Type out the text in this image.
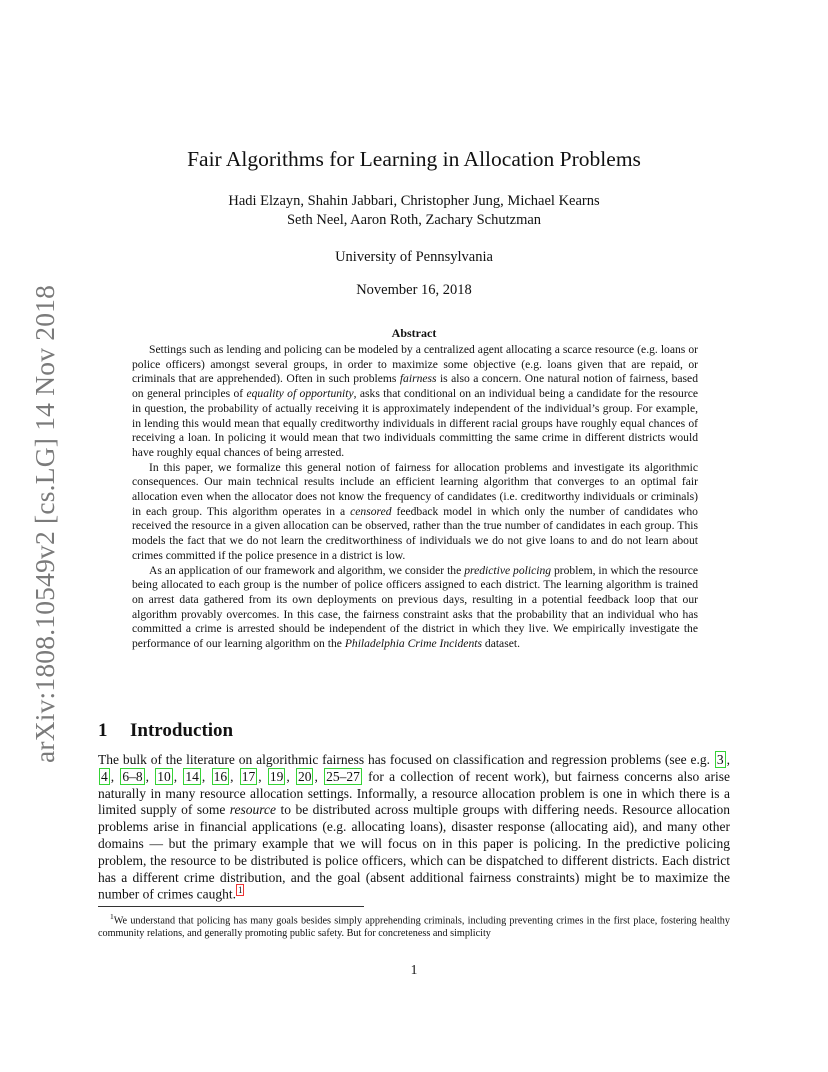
arXiv:1808.10549v2 [cs.LG] 14 Nov 2018
Fair Algorithms for Learning in Allocation Problems
Hadi Elzayn, Shahin Jabbari, Christopher Jung, Michael Kearns
Seth Neel, Aaron Roth, Zachary Schutzman
University of Pennsylvania
November 16, 2018
Abstract

Settings such as lending and policing can be modeled by a centralized agent allocating a scarce resource (e.g. loans or police officers) amongst several groups, in order to maximize some objective (e.g. loans given that are repaid, or criminals that are apprehended). Often in such problems fairness is also a concern. One natural notion of fairness, based on general principles of equality of opportunity, asks that conditional on an individual being a candidate for the resource in question, the probability of actually receiving it is approximately independent of the individual’s group. For example, in lending this would mean that equally creditworthy individuals in different racial groups have roughly equal chances of receiving a loan. In policing it would mean that two individuals committing the same crime in different districts would have roughly equal chances of being arrested.

In this paper, we formalize this general notion of fairness for allocation problems and investigate its algorithmic consequences. Our main technical results include an efficient learning algorithm that converges to an optimal fair allocation even when the allocator does not know the frequency of candidates (i.e. creditworthy individuals or criminals) in each group. This algorithm operates in a censored feedback model in which only the number of candidates who received the resource in a given allocation can be observed, rather than the true number of candidates in each group. This models the fact that we do not learn the creditworthiness of individuals we do not give loans to and do not learn about crimes committed if the police presence in a district is low.

As an application of our framework and algorithm, we consider the predictive policing problem, in which the resource being allocated to each group is the number of police officers assigned to each district. The learning algorithm is trained on arrest data gathered from its own deployments on previous days, resulting in a potential feedback loop that our algorithm provably overcomes. In this case, the fairness constraint asks that the probability that an individual who has committed a crime is arrested should be independent of the district in which they live. We empirically investigate the performance of our learning algorithm on the Philadelphia Crime Incidents dataset.

1 Introduction

The bulk of the literature on algorithmic fairness has focused on classification and regression problems (see e.g. 3 , 4 , 6–8 , 10 , 14 , 16 , 17 , 19 , 20 , 25–27 for a collection of recent work), but fairness concerns also arise naturally in many resource allocation settings. Informally, a resource allocation problem is one in which there is a limited supply of some resource to be distributed across multiple groups with differing needs. Resource allocation problems arise in financial applications (e.g. allocating loans), disaster response (allocating aid), and many other domains — but the primary example that we will focus on in this paper is policing. In the predictive policing problem, the resource to be distributed is police officers, which can be dispatched to different districts. Each district has a different crime distribution, and the goal (absent additional fairness constraints) might be to maximize the number of crimes caught. $^1$

$^1$We understand that policing has many goals besides simply apprehending criminals, including preventing crimes in the first place, fostering healthy community relations, and generally promoting public safety. But for concreteness and simplicity

1
